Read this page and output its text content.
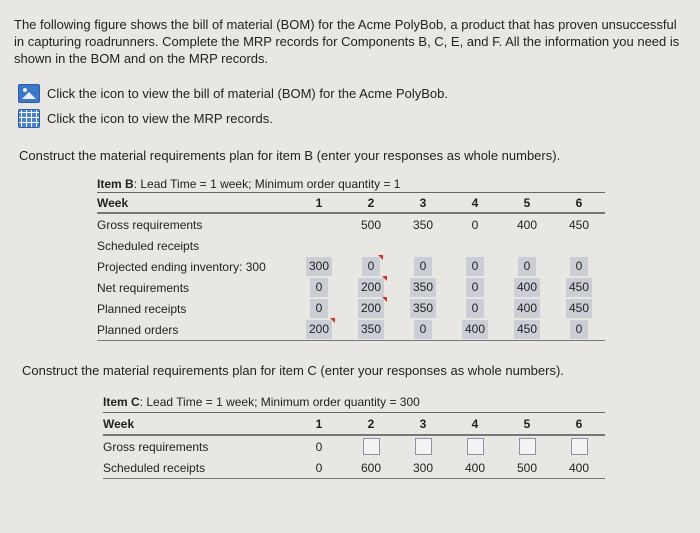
The following figure shows the bill of material (BOM) for the Acme PolyBob, a product that has proven unsuccessful in capturing roadrunners. Complete the MRP records for Components B, C, E, and F. All the information you need is shown in the BOM and on the MRP records.
Click the icon to view the bill of material (BOM) for the Acme PolyBob.
Click the icon to view the MRP records.
Construct the material requirements plan for item B (enter your responses as whole numbers).
Item B: Lead Time = 1 week; Minimum order quantity = 1						
Week	1	2	3	4	5	6
Gross requirements		500	350	0	400	450
Scheduled receipts						
Projected ending inventory: 300	300	0	0	0	0	0
Net requirements	0	200	350	0	400	450
Planned receipts	0	200	350	0	400	450
Planned orders	200	350	0	400	450	0
Construct the material requirements plan for item C (enter your responses as whole numbers).
Item C: Lead Time = 1 week; Minimum order quantity = 300						
Week	1	2	3	4	5	6
Gross requirements	0					
Scheduled receipts	0	600	300	400	500	400
